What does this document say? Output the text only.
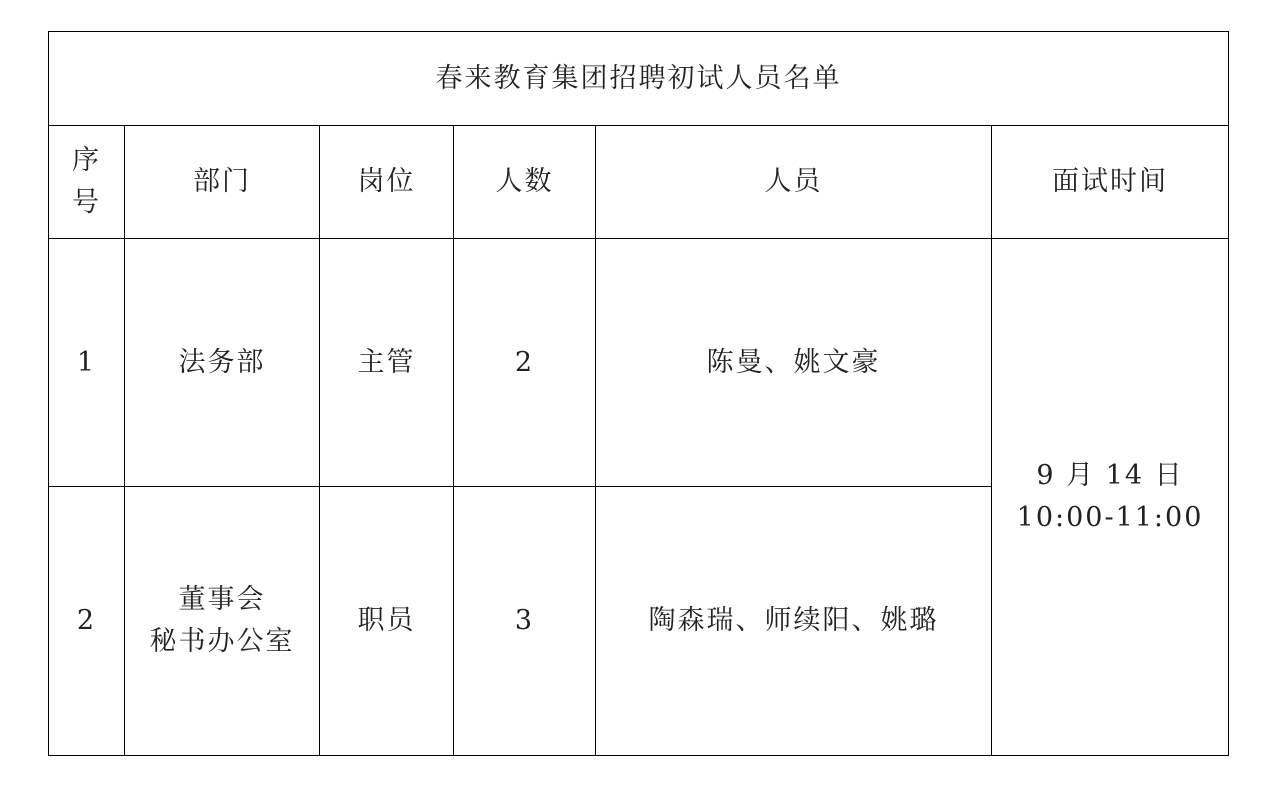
春来教育集团招聘初试人员名单					

序
号	部门	岗位	人数	人员	面试时间
1	法务部	主管	2	陈曼、姚文豪	9 月 14 日
10:00-11:00

2	董事会
秘书办公室	职员	3	陶森瑞、师续阳、姚璐	
